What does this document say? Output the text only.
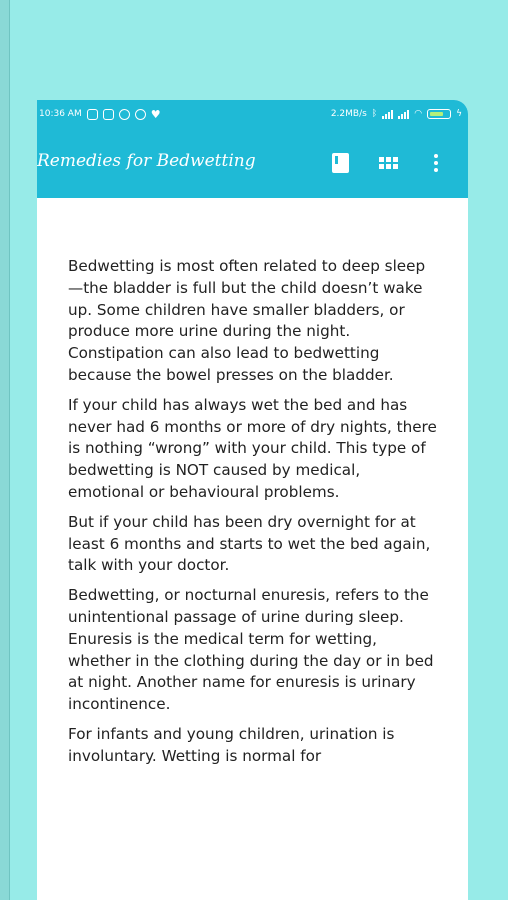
10:36 AM	♥	2.2MB/s ᛒ	◠	ϟ
Remedies for Bedwetting

Bedwetting is most often related to deep sleep—the bladder is full but the child doesn’t wake up. Some children have smaller bladders, or produce more urine during the night. Constipation can also lead to bedwetting because the bowel presses on the bladder.

If your child has always wet the bed and has never had 6 months or more of dry nights, there is nothing “wrong” with your child. This type of bedwetting is NOT caused by medical, emotional or behavioural problems.

But if your child has been dry overnight for at least 6 months and starts to wet the bed again, talk with your doctor.

Bedwetting, or nocturnal enuresis, refers to the unintentional passage of urine during sleep. Enuresis is the medical term for wetting, whether in the clothing during the day or in bed at night. Another name for enuresis is urinary incontinence.

For infants and young children, urination is involuntary. Wetting is normal for
